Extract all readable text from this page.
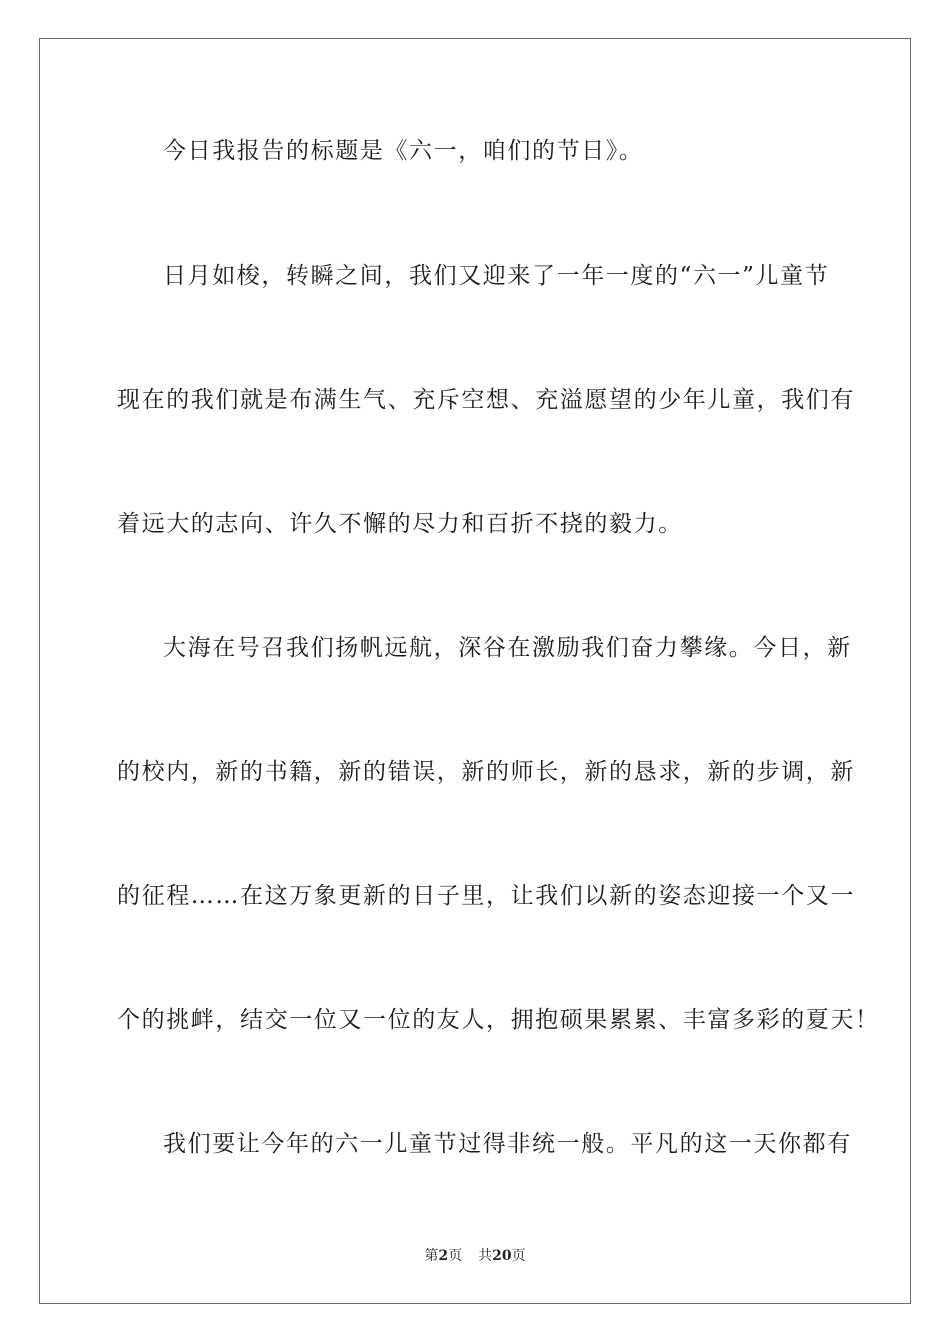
今日我报告的标题是《六一，咱们的节日》。
日月如梭，转瞬之间，我们又迎来了一年一度的“六一”儿童节
现在的我们就是布满生气、充斥空想、充溢愿望的少年儿童，我们有
着远大的志向、许久不懈的尽力和百折不挠的毅力。
大海在号召我们扬帆远航，深谷在激励我们奋力攀缘。今日，新
的校内，新的书籍，新的错误，新的师长，新的恳求，新的步调，新
的征程……在这万象更新的日子里，让我们以新的姿态迎接一个又一
个的挑衅，结交一位又一位的友人，拥抱硕果累累、丰富多彩的夏天！
我们要让今年的六一儿童节过得非统一般。平凡的这一天你都有
第2页 共20页
